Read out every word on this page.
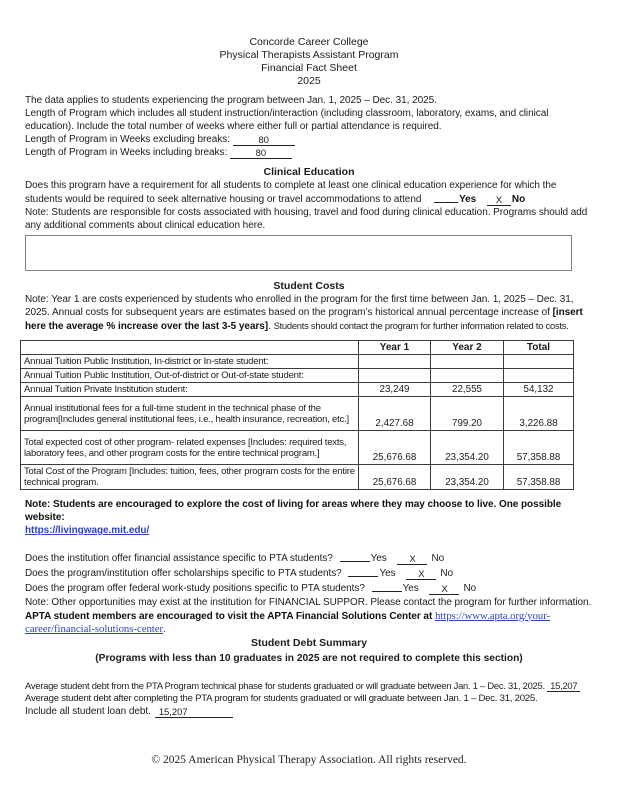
Concorde Career College
Physical Therapists Assistant Program
Financial Fact Sheet
2025

The data applies to students experiencing the program between Jan. 1, 2025 – Dec. 31, 2025.

Length of Program which includes all student instruction/interaction (including classroom, laboratory, exams, and clinical education). Include the total number of weeks where either full or partial attendance is required.

Length of Program in Weeks excluding breaks:	80

Length of Program in Weeks including breaks:	80

Clinical Education

Does this program have a requirement for all students to complete at least one clinical education experience for which the students would be required to seek alternative housing or travel accommodations to attend	Yes X No

Note: Students are responsible for costs associated with housing, travel and food during clinical education. Programs should add any additional comments about clinical education here.

Student Costs

Note: Year 1 are costs experienced by students who enrolled in the program for the first time between Jan. 1, 2025 – Dec. 31, 2025. Annual costs for subsequent years are estimates based on the program’s historical annual percentage increase of [insert here the average % increase over the last 3-5 years]. Students should contact the program for further information related to costs.

	Year 1	Year 2	Total
Annual Tuition Public Institution, In-district or In-state student:			
Annual Tuition Public Institution, Out-of-district or Out-of-state student:			
Annual Tuition Private Institution student:	23,249	22,555	54,132
Annual institutional fees for a full-time student in the technical phase of the program[Includes general institutional fees, i.e., health insurance, recreation, etc.]	2,427.68	799.20	3,226.88
Total expected cost of other program- related expenses [Includes: required texts, laboratory fees, and other program costs for the entire technical program.]	25,676.68	23,354.20	57,358.88
Total Cost of the Program [Includes: tuition, fees, other program costs for the entire technical program.	25,676.68	23,354.20	57,358.88

Note: Students are encouraged to explore the cost of living for areas where they may choose to live. One possible website:
https://livingwage.mit.edu/

Does the institution offer financial assistance specific to PTA students?	Yes X No

Does the program/institution offer scholarships specific to PTA students?	Yes X No

Does the program offer federal work-study positions specific to PTA students?	Yes X No

Note: Other opportunities may exist at the institution for FINANCIAL SUPPOR. Please contact the program for further information.

APTA student members are encouraged to visit the APTA Financial Solutions Center at https://www.apta.org/your-career/financial-solutions-center.

Student Debt Summary
(Programs with less than 10 graduates in 2025 are not required to complete this section)

Average student debt from the PTA Program technical phase for students graduated or will graduate between Jan. 1 – Dec. 31, 2025. 15,207

Average student debt after completing the PTA program for students graduated or will graduate between Jan. 1 – Dec. 31, 2025.

Include all student loan debt. 15,207

© 2025 American Physical Therapy Association. All rights reserved.
